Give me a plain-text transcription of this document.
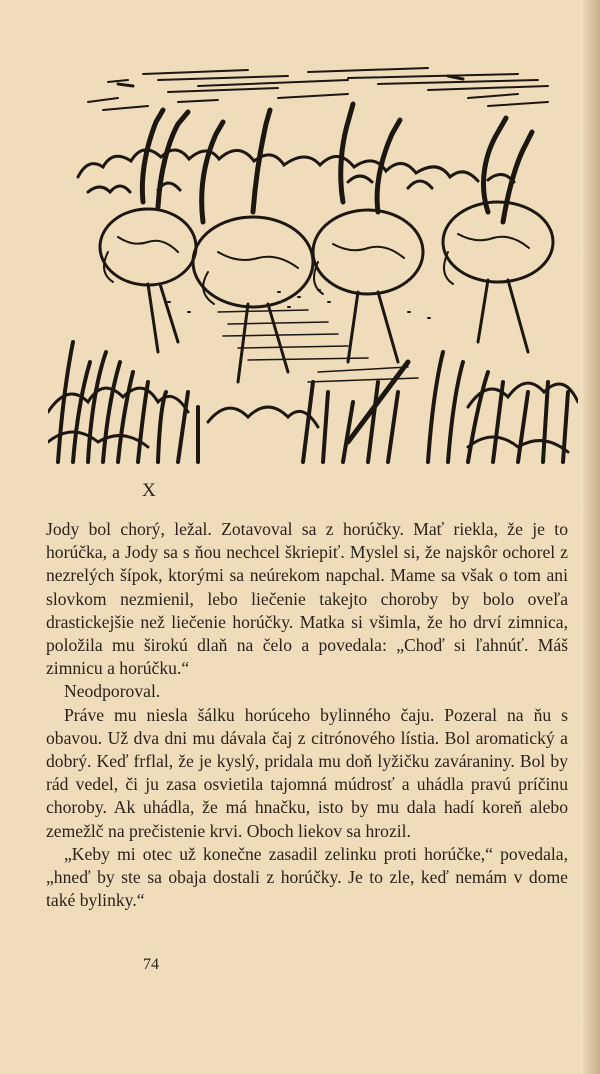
X

Jody bol chorý, ležal. Zotavoval sa z horúčky. Mať riekla, že je to horúčka, a Jody sa s ňou nechcel škriepiť. Myslel si, že najskôr ochorel z nezrelých šípok, ktorými sa neúrekom napchal. Mame sa však o tom ani slovkom nezmienil, lebo liečenie takejto choroby by bolo oveľa drastickejšie než liečenie horúčky. Matka si všimla, že ho drví zimnica, položila mu širokú dlaň na čelo a povedala: „Choď si ľahnúť. Máš zimnicu a horúčku.“

Neodporoval.

Práve mu niesla šálku horúceho bylinného čaju. Pozeral na ňu s obavou. Už dva dni mu dávala čaj z citrónového lístia. Bol aromatický a dobrý. Keď frflal, že je kyslý, pridala mu doň lyžičku zaváraniny. Bol by rád vedel, či ju zasa osvietila tajomná múdrosť a uhádla pravú príčinu choroby. Ak uhádla, že má hnačku, isto by mu dala hadí koreň alebo zemežlč na prečistenie krvi. Oboch liekov sa hrozil.

„Keby mi otec už konečne zasadil zelinku proti horúčke,“ povedala, „hneď by ste sa obaja dostali z horúčky. Je to zle, keď nemám v dome také bylinky.“

74
